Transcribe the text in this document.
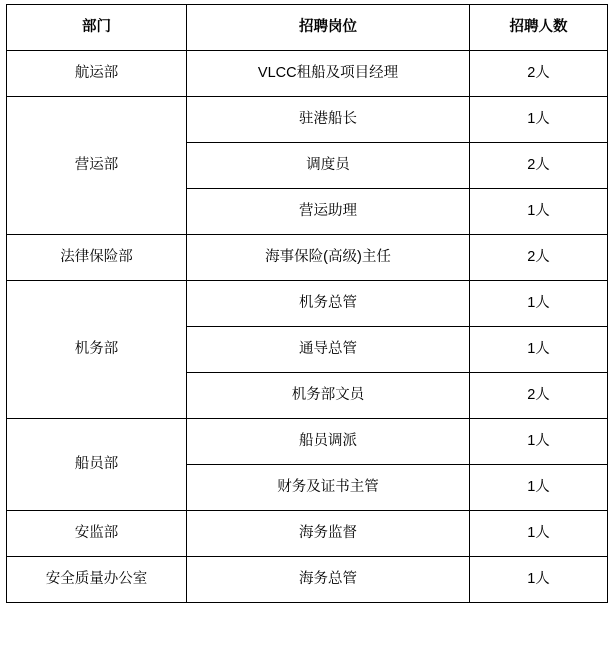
部门	招聘岗位	招聘人数
航运部	VLCC租船及项目经理	2人
营运部	驻港船长	1人
	调度员	2人
	营运助理	1人
法律保险部	海事保险(高级)主任	2人
机务部	机务总管	1人
	通导总管	1人
	机务部文员	2人
船员部	船员调派	1人
	财务及证书主管	1人
安监部	海务监督	1人
安全质量办公室	海务总管	1人
